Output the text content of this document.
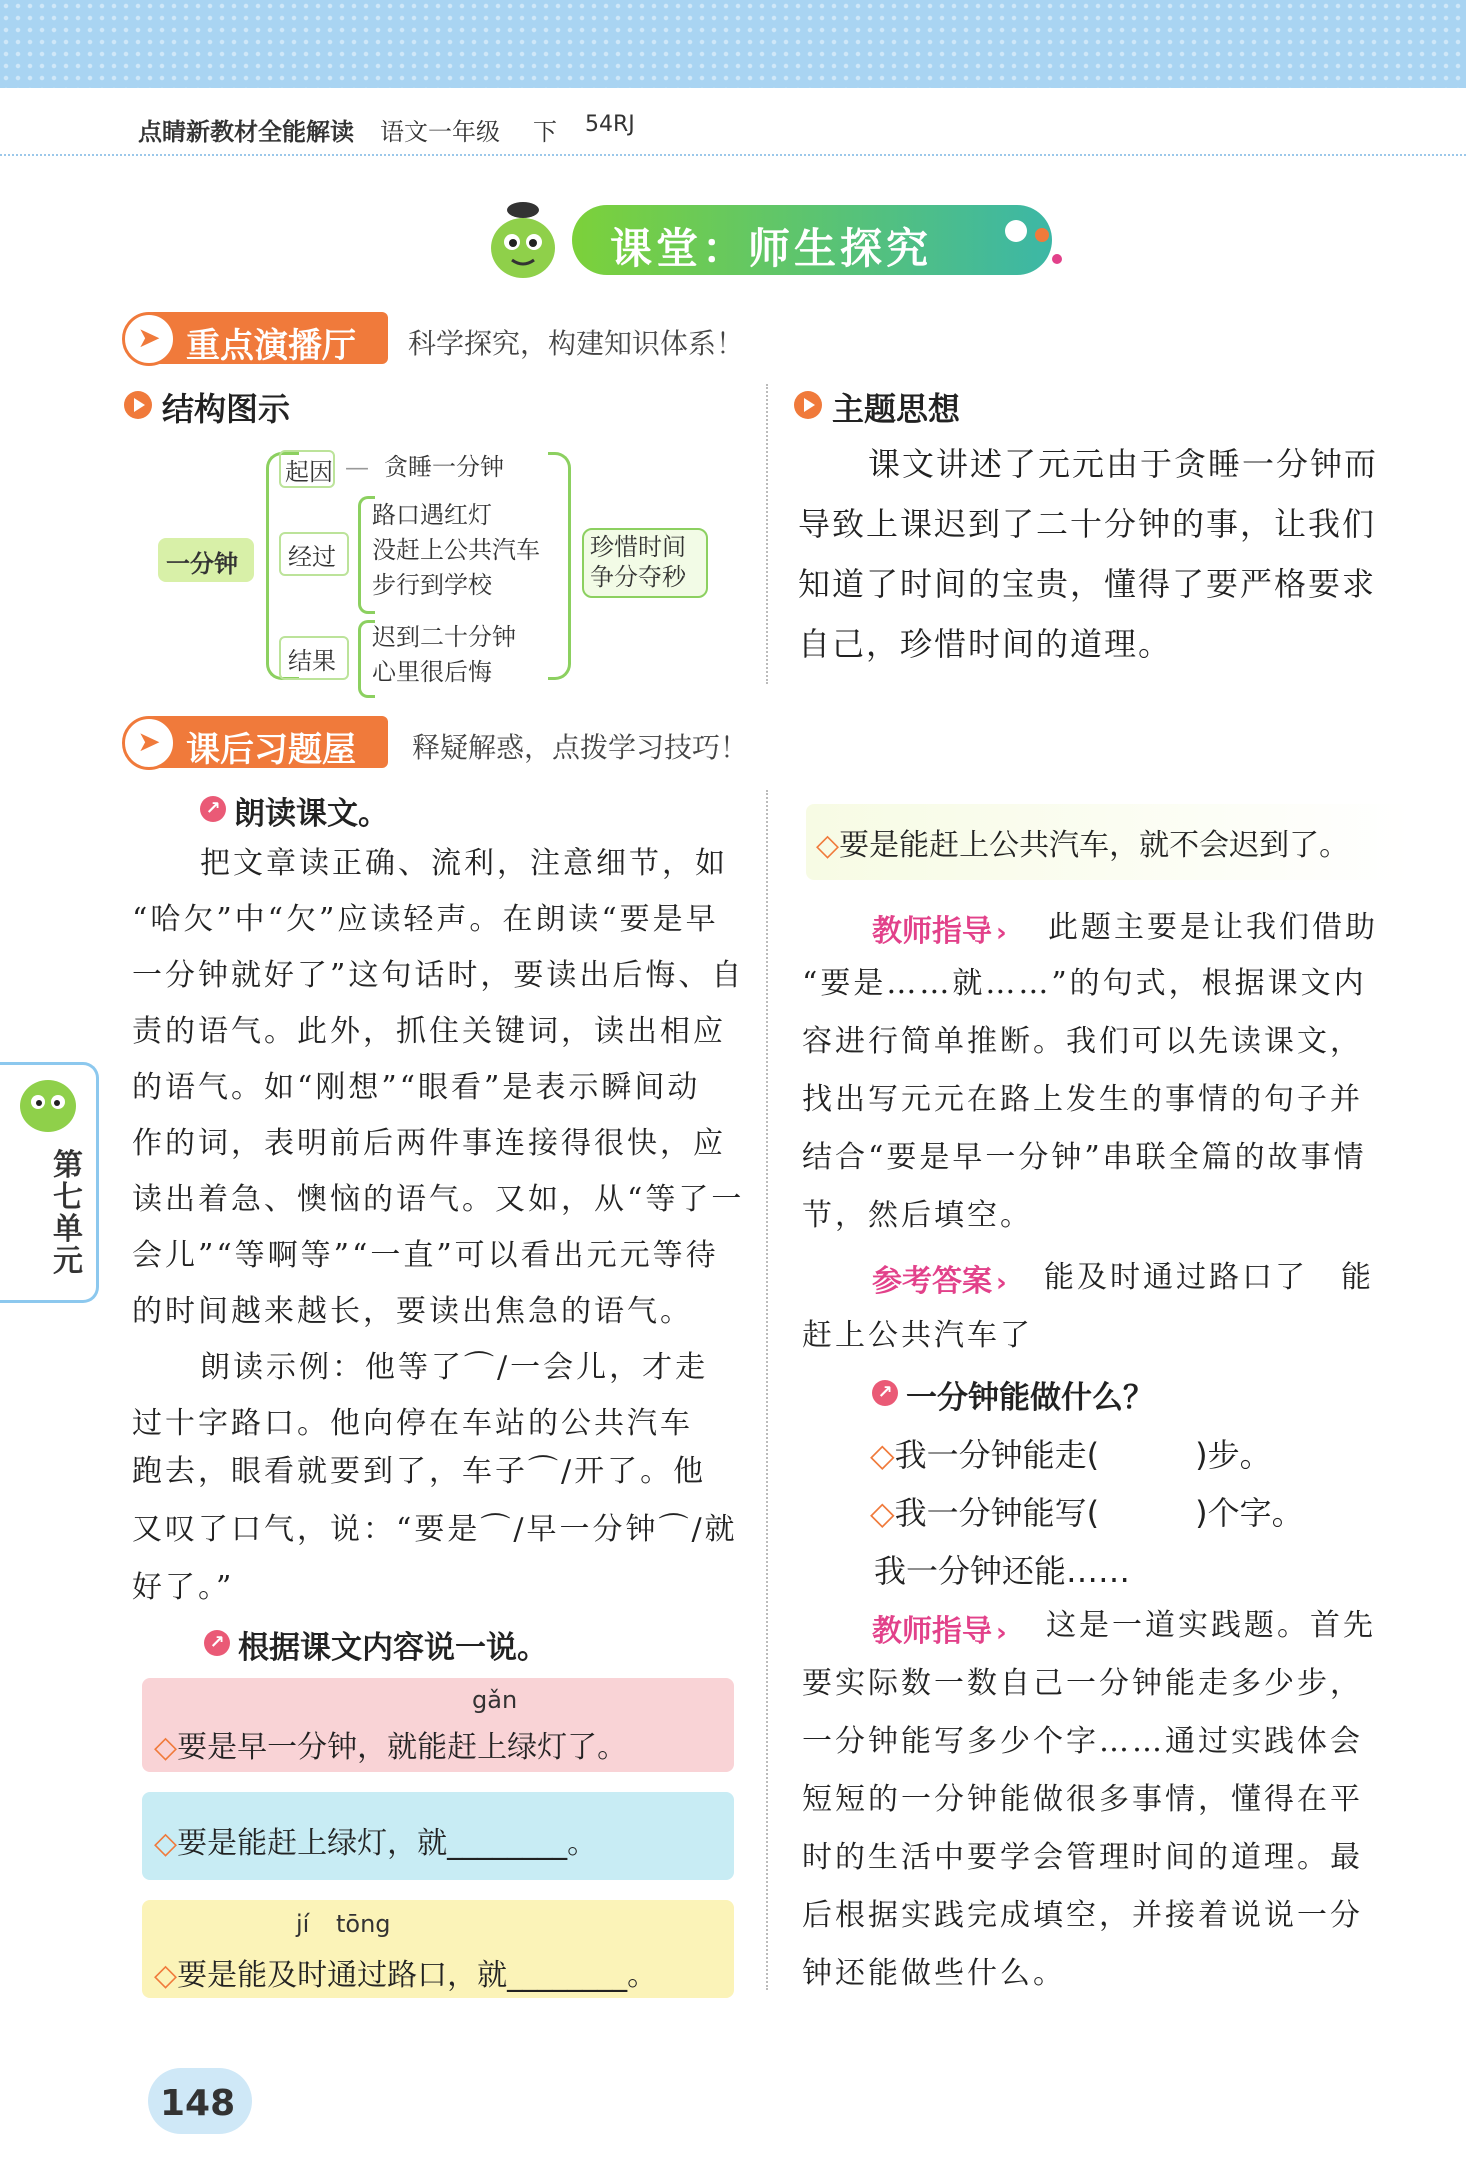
点睛新教材全能解读 语文一年级 下 54RJ
课堂：师生探究
➤ 重点演播厅 科学探究，构建知识体系！
结构图示
一分钟
起因 — 贪睡一分钟
经过
路口遇红灯
没赶上公共汽车
步行到学校
结果
迟到二十分钟
心里很后悔
珍惜时间
争分夺秒
主题思想
课文讲述了元元由于贪睡一分钟而
导致上课迟到了二十分钟的事，让我们
知道了时间的宝贵，懂得了要严格要求
自己，珍惜时间的道理。
➤ 课后习题屋 释疑解惑，点拨学习技巧！
↗ 朗读课文。
把文章读正确、流利，注意细节，如
“哈欠”中“欠”应读轻声。在朗读“要是早
一分钟就好了”这句话时，要读出后悔、自
责的语气。此外，抓住关键词，读出相应
的语气。如“刚想”“眼看”是表示瞬间动
作的词，表明前后两件事连接得很快，应
读出着急、懊恼的语气。又如，从“等了一
会儿”“等啊等”“一直”可以看出元元等待
的时间越来越长，要读出焦急的语气。
朗读示例：他等了⌒/一会儿，才走
过十字路口。他向停在车站的公共汽车
跑去，眼看就要到了，车子⌒/开了。他
又叹了口气，说：“要是⌒/早一分钟⌒/就
好了。”
↗ 根据课文内容说一说。
gǎn
◇要是早一分钟，就能赶上绿灯了。
◇要是能赶上绿灯，就________。
jí tōng
◇要是能及时通过路口，就________。
◇要是能赶上公共汽车，就不会迟到了。
教师指导 ›	此题主要是让我们借助
“要是……就……”的句式，根据课文内
容进行简单推断。我们可以先读课文，
找出写元元在路上发生的事情的句子并
结合“要是早一分钟”串联全篇的故事情
节，然后填空。
参考答案 ›	能及时通过路口了　能
赶上公共汽车了
↗ 一分钟能做什么？
◇我一分钟能走(　　　)步。
◇我一分钟能写(　　　)个字。
我一分钟还能……
教师指导 ›	这是一道实践题。首先
要实际数一数自己一分钟能走多少步，
一分钟能写多少个字……通过实践体会
短短的一分钟能做很多事情，懂得在平
时的生活中要学会管理时间的道理。最
后根据实践完成填空，并接着说说一分
钟还能做些什么。
第七单元
148
